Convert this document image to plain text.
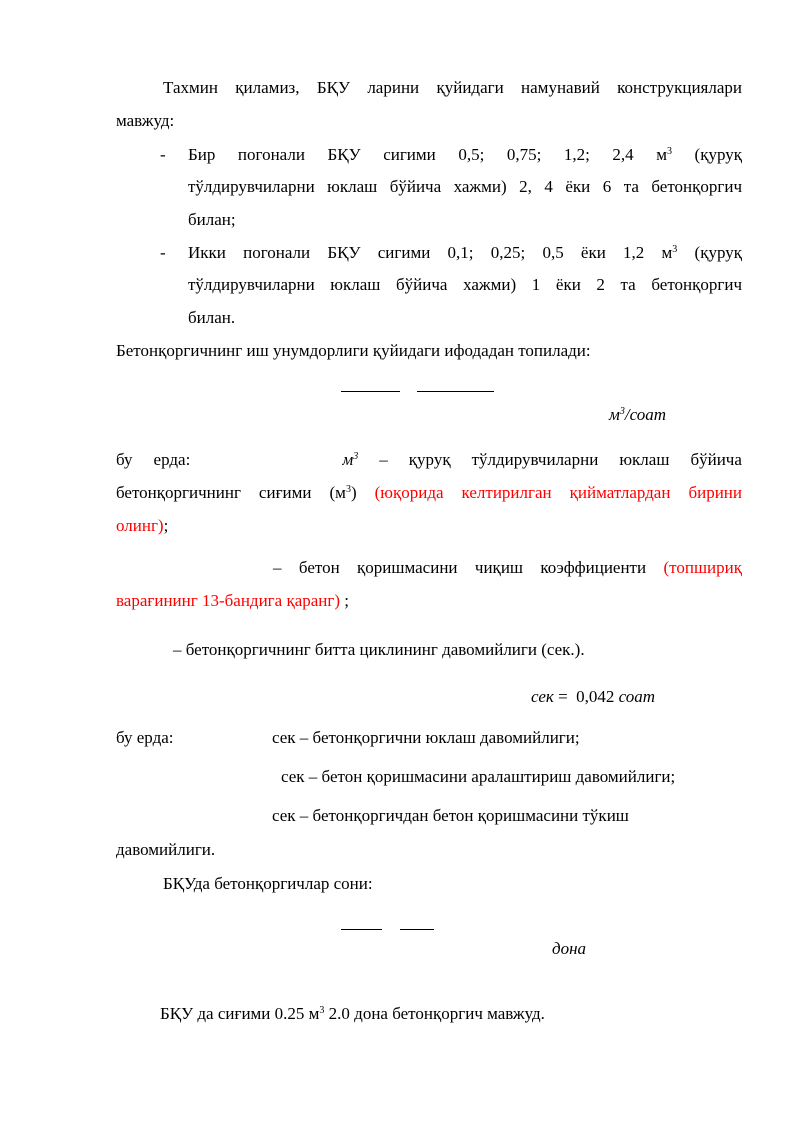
Тахмин қиламиз, БҚУ ларини қуйидаги намунавий конструкциялари
мавжуд:
- Бир погонали БҚУ сигими 0,5; 0,75; 1,2; 2,4 $м^3$ (қуруқ
тўлдирувчиларни юклаш бўйича хажми) 2, 4 ёки 6 та бетонқоргич
билан;
- Икки погонали БҚУ сигими 0,1; 0,25; 0,5 ёки 1,2 $м^3$ (қуруқ
тўлдирувчиларни юклаш бўйича хажми) 1 ёки 2 та бетонқоргич
билан.
Бетонқоргичнинг иш унумдорлиги қуйидаги ифодадан топилади:
$м^3$/соат
бу ерда:	$м^3$ – қуруқ тўлдирувчиларни юклаш бўйича
бетонқоргичнинг сиғими $(м^3)$ (юқорида келтирилган қийматлардан бирини
олинг);
– бетон қоришмасини чиқиш коэффициенти (топшириқ
варағининг 13-бандига қаранг) ;
– бетонқоргичнинг битта циклининг давомийлиги (сек.).
сек = 0,042 соат
бу ерда:	сек – бетонқоргични юклаш давомийлиги;
сек – бетон қоришмасини аралаштириш давомийлиги;
сек – бетонқоргичдан бетон қоришмасини тўкиш
давомийлиги.
БҚУда бетонқоргичлар сони:
дона
БҚУ да сиғими 0.25 $м^3$ 2.0 дона бетонқоргич мавжуд.
